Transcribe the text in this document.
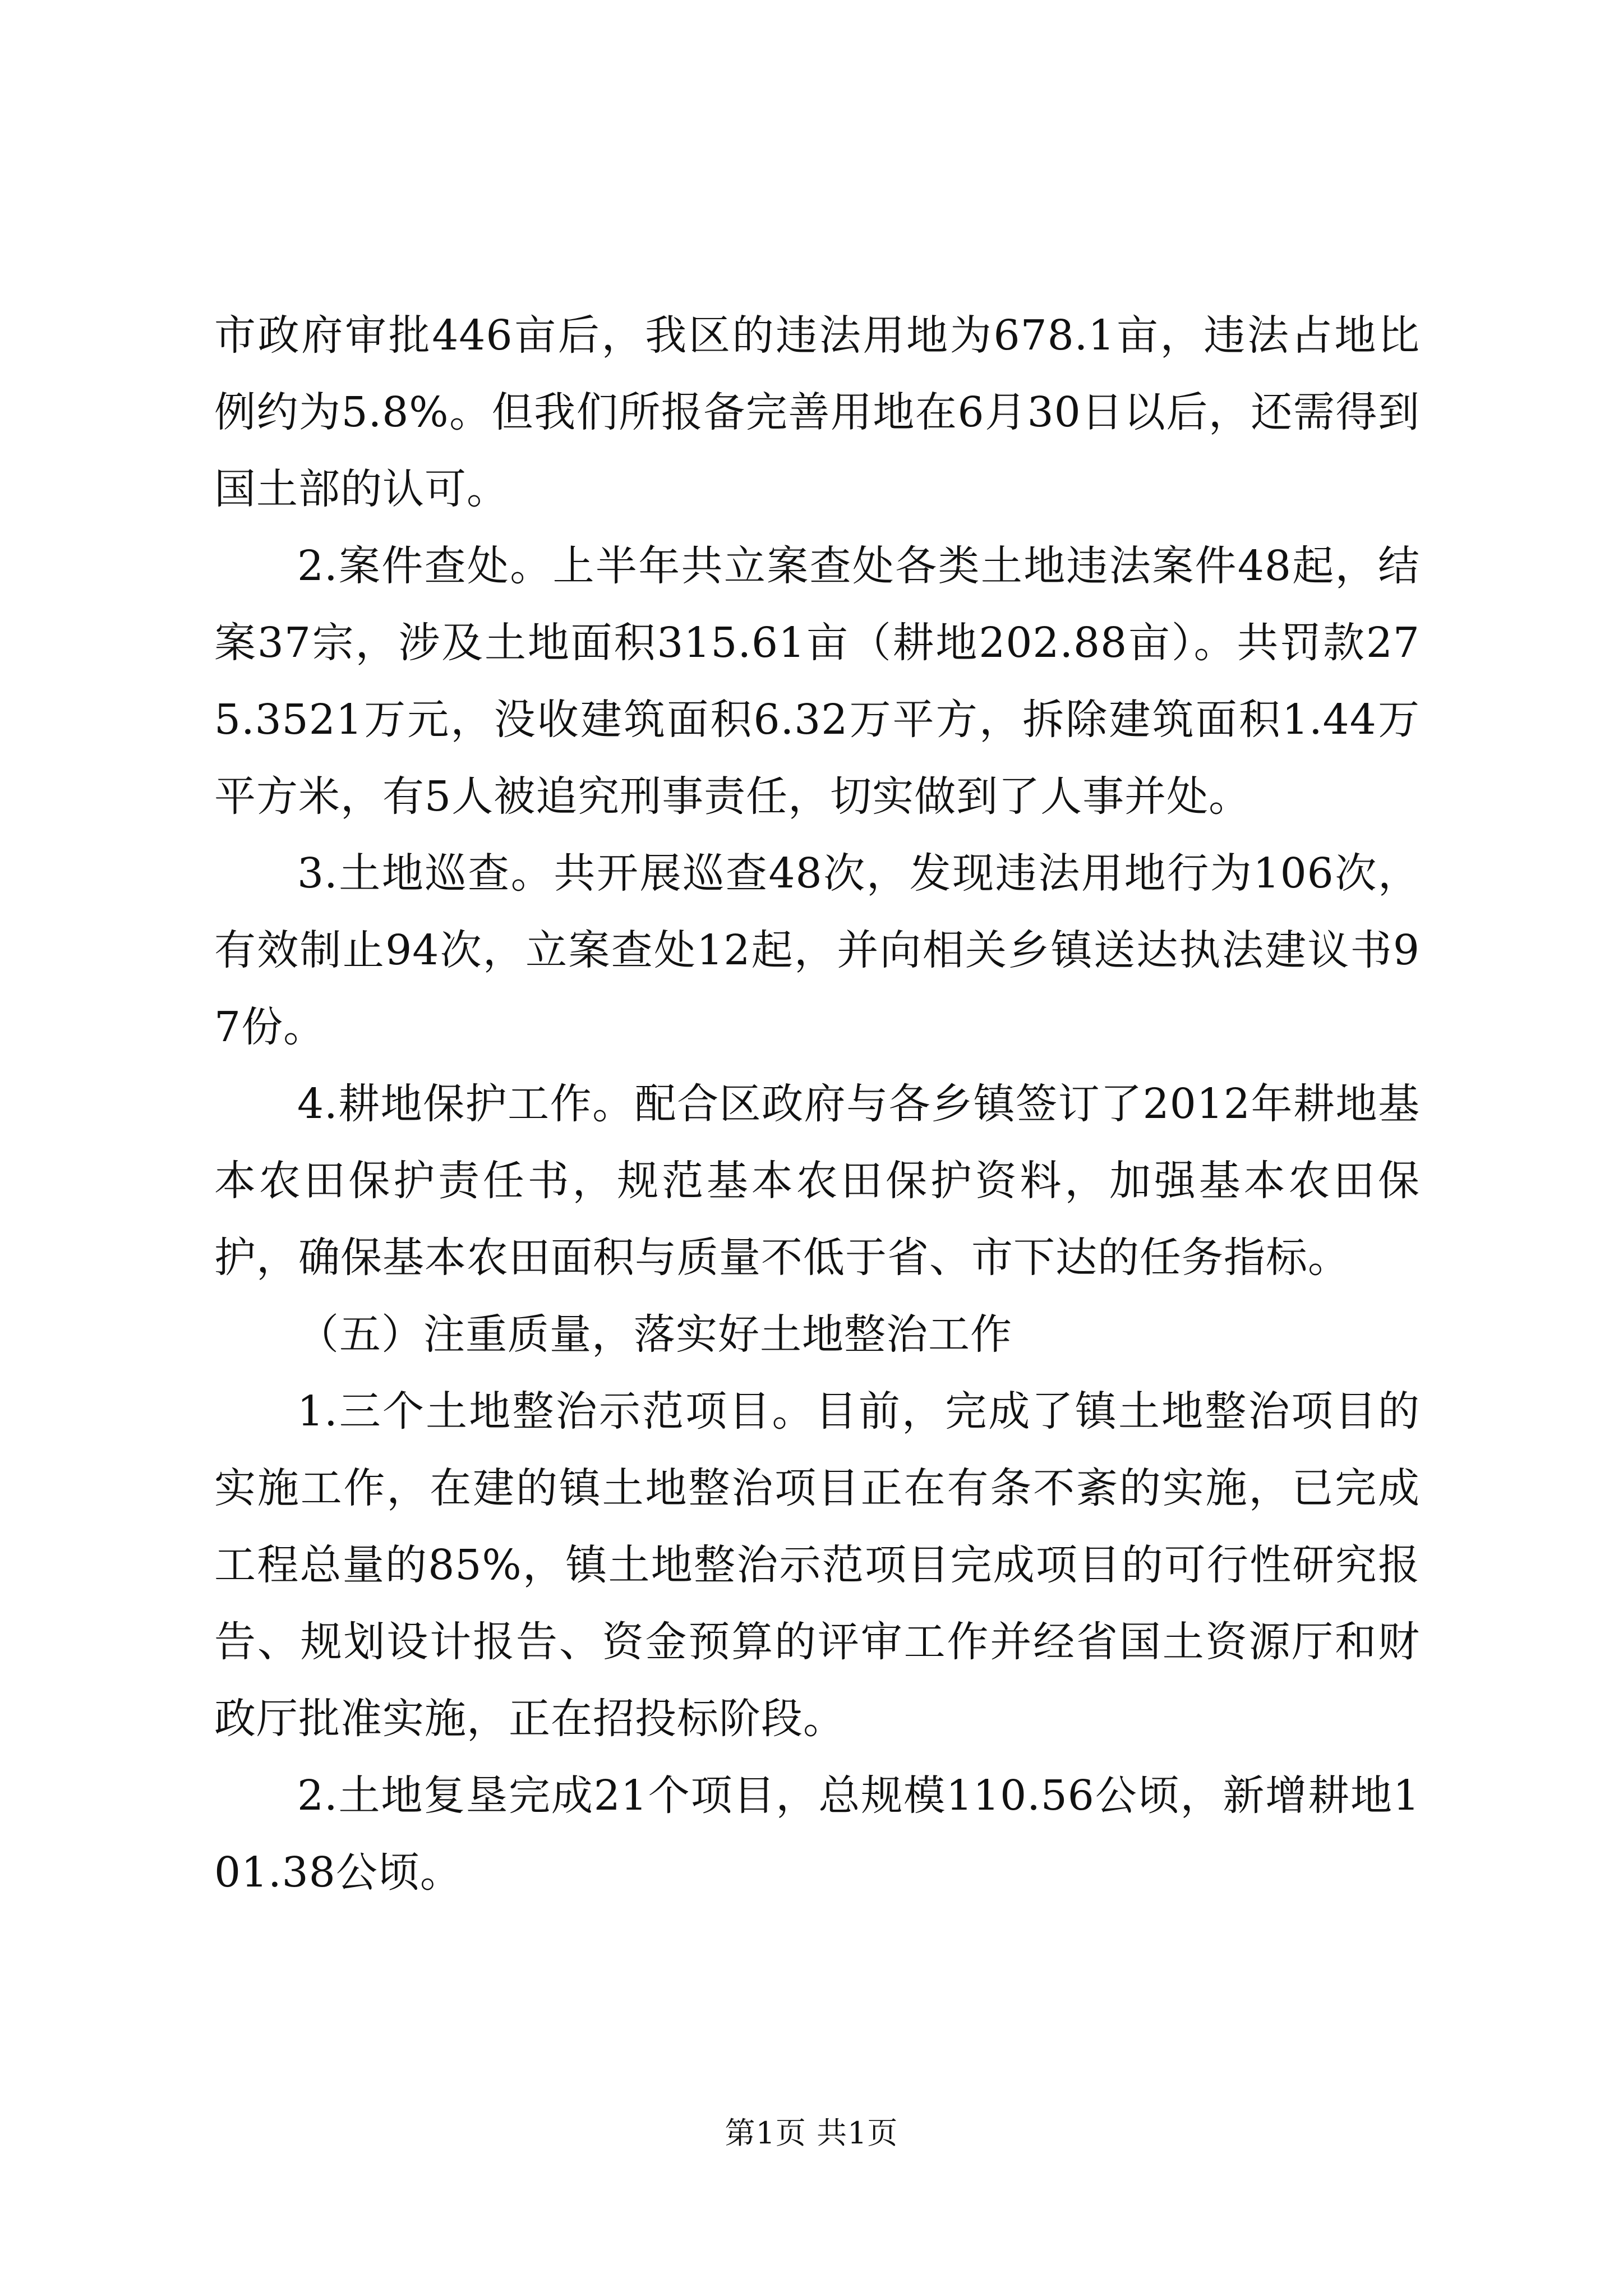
市政府审批446亩后，我区的违法用地为678.1亩，违法占地比例约为5.8%。但我们所报备完善用地在6月30日以后，还需得到国土部的认可。

2.案件查处。上半年共立案查处各类土地违法案件48起，结案37宗，涉及土地面积315.61亩（耕地202.88亩）。共罚款275.3521万元，没收建筑面积6.32万平方，拆除建筑面积1.44万平方米，有5人被追究刑事责任，切实做到了人事并处。

3.土地巡查。共开展巡查48次，发现违法用地行为106次，有效制止94次，立案查处12起，并向相关乡镇送达执法建议书97份。

4.耕地保护工作。配合区政府与各乡镇签订了2012年耕地基本农田保护责任书，规范基本农田保护资料，加强基本农田保护，确保基本农田面积与质量不低于省、市下达的任务指标。

（五）注重质量，落实好土地整治工作

1.三个土地整治示范项目。目前，完成了镇土地整治项目的实施工作，在建的镇土地整治项目正在有条不紊的实施，已完成工程总量的85%，镇土地整治示范项目完成项目的可行性研究报告、规划设计报告、资金预算的评审工作并经省国土资源厅和财政厅批准实施，正在招投标阶段。

2.土地复垦完成21个项目，总规模110.56公顷，新增耕地101.38公顷。

第1页 共1页
